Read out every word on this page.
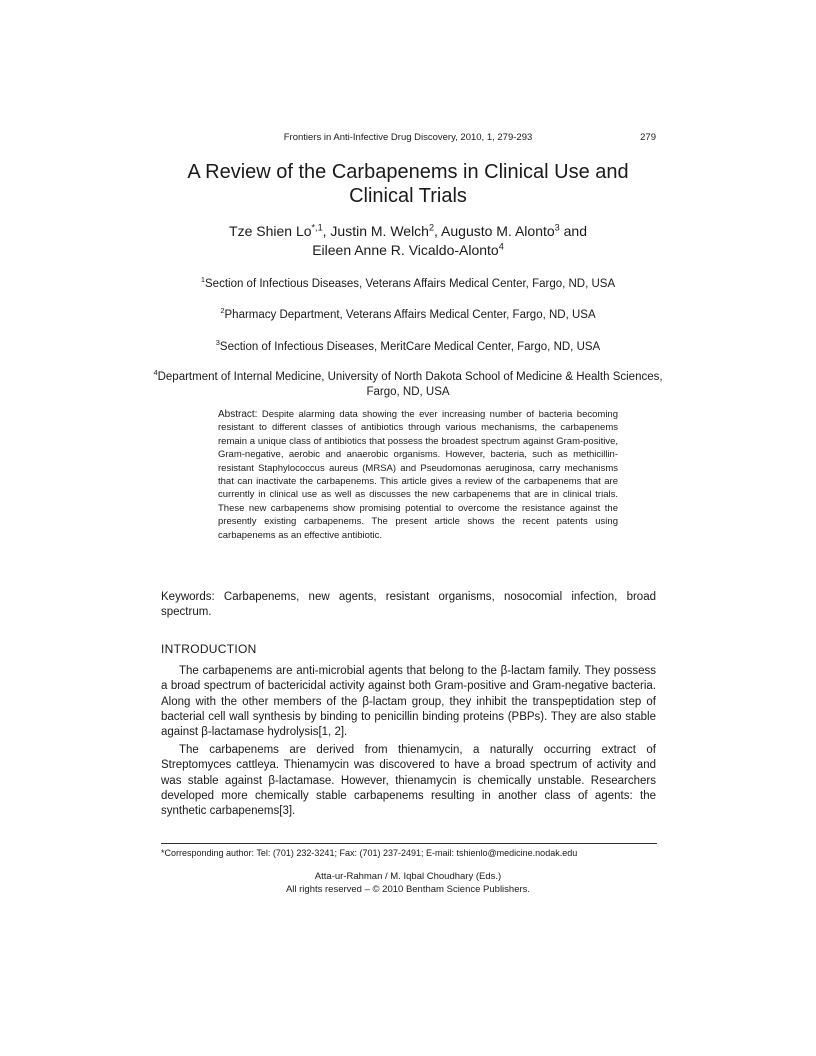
Frontiers in Anti-Infective Drug Discovery, 2010, 1, 279-293	279
A Review of the Carbapenems in Clinical Use and Clinical Trials
Tze Shien $Lo^{*,1}$, Justin M. Welch$^2$, Augusto M. Alonto$^3$ and
Eileen Anne R. Vicaldo-Alonto$^4$
$^1$Section of Infectious Diseases, Veterans Affairs Medical Center, Fargo, ND, USA
$^2$Pharmacy Department, Veterans Affairs Medical Center, Fargo, ND, USA
$^3$Section of Infectious Diseases, MeritCare Medical Center, Fargo, ND, USA
$^4$Department of Internal Medicine, University of North Dakota School of Medicine & Health Sciences, Fargo, ND, USA
Abstract: Despite alarming data showing the ever increasing number of bacteria becoming resistant to different classes of antibiotics through various mechanisms, the carbapenems remain a unique class of antibiotics that possess the broadest spectrum against Gram-positive, Gram-negative, aerobic and anaerobic organisms. However, bacteria, such as methicillin-resistant Staphylococcus aureus (MRSA) and Pseudomonas aeruginosa, carry mechanisms that can inactivate the carbapenems. This article gives a review of the carbapenems that are currently in clinical use as well as discusses the new carbapenems that are in clinical trials. These new carbapenems show promising potential to overcome the resistance against the presently existing carbapenems. The present article shows the recent patents using carbapenems as an effective antibiotic.
Keywords: Carbapenems, new agents, resistant organisms, nosocomial infection, broad spectrum.
INTRODUCTION
The carbapenems are anti-microbial agents that belong to the β-lactam family. They possess a broad spectrum of bactericidal activity against both Gram-positive and Gram-negative bacteria. Along with the other members of the β-lactam group, they inhibit the transpeptidation step of bacterial cell wall synthesis by binding to penicillin binding proteins (PBPs). They are also stable against β-lactamase hydrolysis[1, 2].
The carbapenems are derived from thienamycin, a naturally occurring extract of Streptomyces cattleya. Thienamycin was discovered to have a broad spectrum of activity and was stable against β-lactamase. However, thienamycin is chemically unstable. Researchers developed more chemically stable carbapenems resulting in another class of agents: the synthetic carbapenems[3].
*Corresponding author: Tel: (701) 232-3241; Fax: (701) 237-2491; E-mail: tshienlo@medicine.nodak.edu
Atta-ur-Rahman / M. Iqbal Choudhary (Eds.)
All rights reserved – © 2010 Bentham Science Publishers.
